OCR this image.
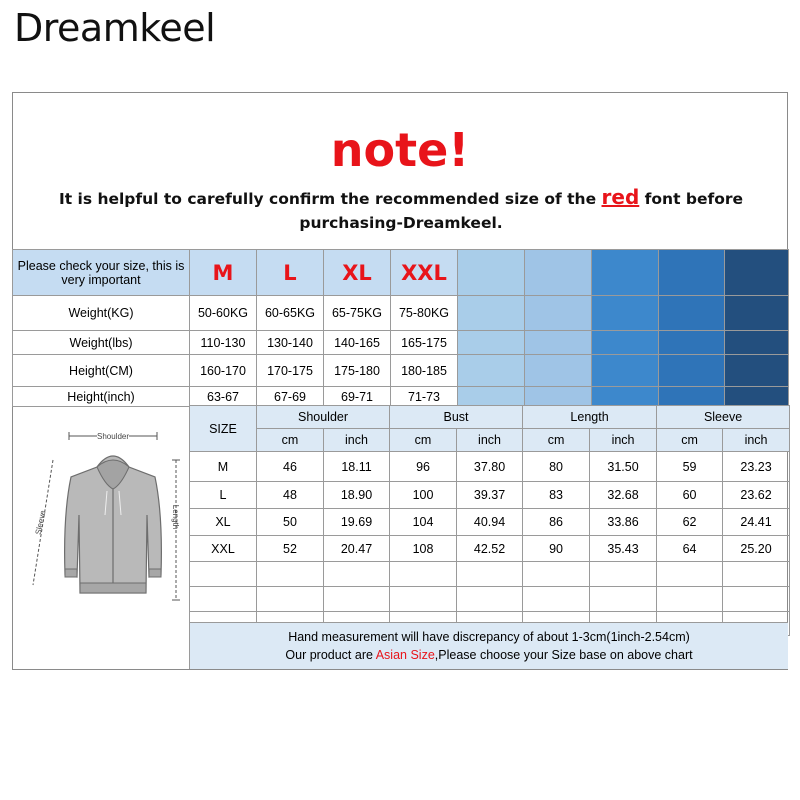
Dreamkeel
note!
It is helpful to carefully confirm the recommended size of the red font before purchasing-Dreamkeel.
Please check your size, this is very important	M	L	XL	XXL					
Weight(KG)	50-60KG	60-65KG	65-75KG	75-80KG					
Weight(lbs)	110-130	130-140	140-165	165-175					
Height(CM)	160-170	170-175	175-180	180-185					
Height(inch)	63-67	67-69	69-71	71-73					
Shoulder
Length
Sleeve
SIZE	Shoulder		Bust		Length		Sleeve	
	cm	inch	cm	inch	cm	inch	cm	inch
M	46	18.11	96	37.80	80	31.50	59	23.23
L	48	18.90	100	39.37	83	32.68	60	23.62
XL	50	19.69	104	40.94	86	33.86	62	24.41
XXL	52	20.47	108	42.52	90	35.43	64	25.20

Hand measurement will have discrepancy of about 1-3cm(1inch-2.54cm)
Our product are Asian Size,Please choose your Size base on above chart
